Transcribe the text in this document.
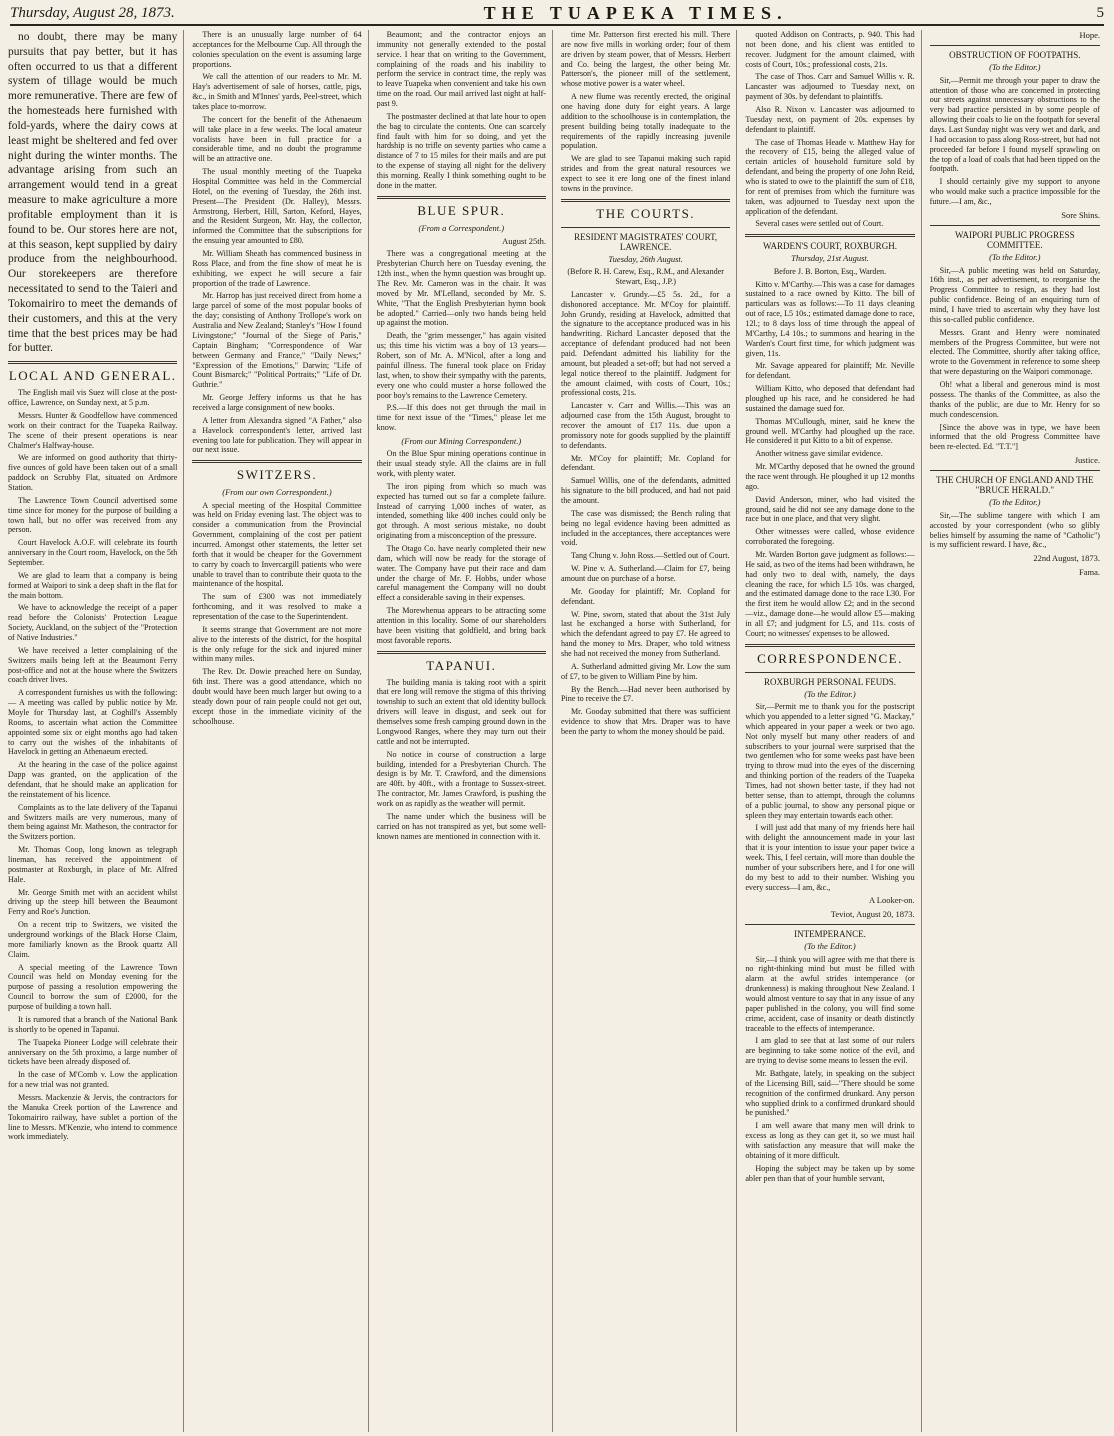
Thursday, August 28, 1873.	THE TUAPEKA TIMES.	5

no doubt, there may be many pursuits that pay better, but it has often occurred to us that a different system of tillage would be much more remunerative. There are few of the homesteads here furnished with fold-yards, where the dairy cows at least might be sheltered and fed over night during the winter months. The advantage arising from such an arrangement would tend in a great measure to make agriculture a more profitable employment than it is found to be. Our stores here are not, at this season, kept supplied by dairy produce from the neighbourhood. Our storekeepers are therefore necessitated to send to the Taieri and Tokomairiro to meet the demands of their customers, and this at the very time that the best prices may be had for butter.

LOCAL AND GENERAL.

The English mail vis Suez will close at the post-office, Lawrence, on Sunday next, at 5 p.m.

Messrs. Hunter & Goodfellow have commenced work on their contract for the Tuapeka Railway. The scene of their present operations is near Chalmer's Halfway-house.

We are informed on good authority that thirty-five ounces of gold have been taken out of a small paddock on Scrubby Flat, situated on Ardmore Station.

The Lawrence Town Council advertised some time since for money for the purpose of building a town hall, but no offer was received from any person.

Court Havelock A.O.F. will celebrate its fourth anniversary in the Court room, Havelock, on the 5th September.

We are glad to learn that a company is being formed at Waipori to sink a deep shaft in the flat for the main bottom.

We have to acknowledge the receipt of a paper read before the Colonists' Protection League Society, Auckland, on the subject of the "Protection of Native Industries."

We have received a letter complaining of the Switzers mails being left at the Beaumont Ferry post-office and not at the house where the Switzers coach driver lives.

A correspondent furnishes us with the following:— A meeting was called by public notice by Mr. Moyle for Thursday last, at Coghill's Assembly Rooms, to ascertain what action the Committee appointed some six or eight months ago had taken to carry out the wishes of the inhabitants of Havelock in getting an Athenaeum erected.

At the hearing in the case of the police against Dapp was granted, on the application of the defendant, that he should make an application for the reinstatement of his licence.

Complaints as to the late delivery of the Tapanui and Switzers mails are very numerous, many of them being against Mr. Matheson, the contractor for the Switzers portion.

Mr. Thomas Coop, long known as telegraph lineman, has received the appointment of postmaster at Roxburgh, in place of Mr. Alfred Hale.

Mr. George Smith met with an accident whilst driving up the steep hill between the Beaumont Ferry and Roe's Junction.

On a recent trip to Switzers, we visited the underground workings of the Black Horse Claim, more familiarly known as the Brook quartz All Claim.

A special meeting of the Lawrence Town Council was held on Monday evening for the purpose of passing a resolution empowering the Council to borrow the sum of £2000, for the purpose of building a town hall.

It is rumored that a branch of the National Bank is shortly to be opened in Tapanui.

The Tuapeka Pioneer Lodge will celebrate their anniversary on the 5th proximo, a large number of tickets have been already disposed of.

In the case of M'Comb v. Low the application for a new trial was not granted.

Messrs. Mackenzie & Jervis, the contractors for the Manuka Creek portion of the Lawrence and Tokomairiro railway, have sublet a portion of the line to Messrs. M'Kenzie, who intend to commence work immediately.

There is an unusually large number of 64 acceptances for the Melbourne Cup. All through the colonies speculation on the event is assuming large proportions.

We call the attention of our readers to Mr. M. Hay's advertisement of sale of horses, cattle, pigs, &c., in Smith and M'Innes' yards, Peel-street, which takes place to-morrow.

The concert for the benefit of the Athenaeum will take place in a few weeks. The local amateur vocalists have been in full practice for a considerable time, and no doubt the programme will be an attractive one.

The usual monthly meeting of the Tuapeka Hospital Committee was held in the Commercial Hotel, on the evening of Tuesday, the 26th inst. Present—The President (Dr. Halley), Messrs. Armstrong, Herbert, Hill, Sarton, Keford, Hayes, and the Resident Surgeon, Mr. Hay, the collector, informed the Committee that the subscriptions for the ensuing year amounted to £80.

Mr. William Sheath has commenced business in Ross Place, and from the fine show of meat he is exhibiting, we expect he will secure a fair proportion of the trade of Lawrence.

Mr. Harrop has just received direct from home a large parcel of some of the most popular books of the day; consisting of Anthony Trollope's work on Australia and New Zealand; Stanley's "How I found Livingstone;" "Journal of the Siege of Paris," Captain Bingham; "Correspondence of War between Germany and France," "Daily News;" "Expression of the Emotions," Darwin; "Life of Count Bismarck;" "Political Portraits;" "Life of Dr. Guthrie."

Mr. George Jeffery informs us that he has received a large consignment of new books.

A letter from Alexandra signed "A Father," also a Havelock correspondent's letter, arrived last evening too late for publication. They will appear in our next issue.

SWITZERS.

(From our own Correspondent.)

A special meeting of the Hospital Committee was held on Friday evening last. The object was to consider a communication from the Provincial Government, complaining of the cost per patient incurred. Amongst other statements, the letter set forth that it would be cheaper for the Government to carry by coach to Invercargill patients who were unable to travel than to contribute their quota to the maintenance of the hospital.

The sum of £300 was not immediately forthcoming, and it was resolved to make a representation of the case to the Superintendent.

It seems strange that Government are not more alive to the interests of the district, for the hospital is the only refuge for the sick and injured miner within many miles.

The Rev. Dr. Dowie preached here on Sunday, 6th inst. There was a good attendance, which no doubt would have been much larger but owing to a steady down pour of rain people could not get out, except those in the immediate vicinity of the schoolhouse.

Beaumont; and the contractor enjoys an immunity not generally extended to the postal service. I hear that on writing to the Government, complaining of the roads and his inability to perform the service in contract time, the reply was to leave Tuapeka when convenient and take his own time on the road. Our mail arrived last night at half-past 9.

The postmaster declined at that late hour to open the bag to circulate the contents. One can scarcely find fault with him for so doing, and yet the hardship is no trifle on seventy parties who came a distance of 7 to 15 miles for their mails and are put to the expense of staying all night for the delivery this morning. Really I think something ought to be done in the matter.

BLUE SPUR.

(From a Correspondent.)

August 25th.

There was a congregational meeting at the Presbyterian Church here on Tuesday evening, the 12th inst., when the hymn question was brought up. The Rev. Mr. Cameron was in the chair. It was moved by Mr. M'Lelland, seconded by Mr. S. White, "That the English Presbyterian hymn book be adopted." Carried—only two hands being held up against the motion.

Death, the "grim messenger," has again visited us; this time his victim was a boy of 13 years—Robert, son of Mr. A. M'Nicol, after a long and painful illness. The funeral took place on Friday last, when, to show their sympathy with the parents, every one who could muster a horse followed the poor boy's remains to the Lawrence Cemetery.

P.S.—If this does not get through the mail in time for next issue of the "Times," please let me know.

(From our Mining Correspondent.)

On the Blue Spur mining operations continue in their usual steady style. All the claims are in full work, with plenty water.

The iron piping from which so much was expected has turned out so far a complete failure. Instead of carrying 1,000 inches of water, as intended, something like 400 inches could only be got through. A most serious mistake, no doubt originating from a misconception of the pressure.

The Otago Co. have nearly completed their new dam, which will now be ready for the storage of water. The Company have put their race and dam under the charge of Mr. F. Hobbs, under whose careful management the Company will no doubt effect a considerable saving in their expenses.

The Morewhenua appears to be attracting some attention in this locality. Some of our shareholders have been visiting that goldfield, and bring back most favorable reports.

TAPANUI.

The building mania is taking root with a spirit that ere long will remove the stigma of this thriving township to such an extent that old identity bullock drivers will leave in disgust, and seek out for themselves some fresh camping ground down in the Longwood Ranges, where they may turn out their cattle and not be interrupted.

No notice in course of construction a large building, intended for a Presbyterian Church. The design is by Mr. T. Crawford, and the dimensions are 40ft. by 40ft., with a frontage to Sussex-street. The contractor, Mr. James Crawford, is pushing the work on as rapidly as the weather will permit.

The name under which the business will be carried on has not transpired as yet, but some well-known names are mentioned in connection with it.

time Mr. Patterson first erected his mill. There are now five mills in working order; four of them are driven by steam power, that of Messrs. Herbert and Co. being the largest, the other being Mr. Patterson's, the pioneer mill of the settlement, whose motive power is a water wheel.

A new flume was recently erected, the original one having done duty for eight years. A large addition to the schoolhouse is in contemplation, the present building being totally inadequate to the requirements of the rapidly increasing juvenile population.

We are glad to see Tapanui making such rapid strides and from the great natural resources we expect to see it ere long one of the finest inland towns in the province.

THE COURTS.
RESIDENT MAGISTRATES' COURT, LAWRENCE.

Tuesday, 26th August.

(Before R. H. Carew, Esq., R.M., and Alexander Stewart, Esq., J.P.)

Lancaster v. Grundy.—£5 5s. 2d., for a dishonored acceptance. Mr. M'Coy for plaintiff. John Grundy, residing at Havelock, admitted that the signature to the acceptance produced was in his handwriting. Richard Lancaster deposed that the acceptance of defendant produced had not been paid. Defendant admitted his liability for the amount, but pleaded a set-off; but had not served a legal notice thereof to the plaintiff. Judgment for the amount claimed, with costs of Court, 10s.; professional costs, 21s.

Lancaster v. Carr and Willis.—This was an adjourned case from the 15th August, brought to recover the amount of £17 11s. due upon a promissory note for goods supplied by the plaintiff to defendants.

Mr. M'Coy for plaintiff; Mr. Copland for defendant.

Samuel Willis, one of the defendants, admitted his signature to the bill produced, and had not paid the amount.

The case was dismissed; the Bench ruling that being no legal evidence having been admitted as included in the acceptances, there acceptances were void.

Tang Chung v. John Ross.—Settled out of Court.

W. Pine v. A. Sutherland.—Claim for £7, being amount due on purchase of a horse.

Mr. Gooday for plaintiff; Mr. Copland for defendant.

W. Pine, sworn, stated that about the 31st July last he exchanged a horse with Sutherland, for which the defendant agreed to pay £7. He agreed to hand the money to Mrs. Draper, who told witness she had not received the money from Sutherland.

A. Sutherland admitted giving Mr. Low the sum of £7, to be given to William Pine by him.

By the Bench.—Had never been authorised by Pine to receive the £7.

Mr. Gooday submitted that there was sufficient evidence to show that Mrs. Draper was to have been the party to whom the money should be paid.

quoted Addison on Contracts, p. 940. This had not been done, and his client was entitled to recover. Judgment for the amount claimed, with costs of Court, 10s.; professional costs, 21s.

The case of Thos. Carr and Samuel Willis v. R. Lancaster was adjourned to Tuesday next, on payment of 30s. by defendant to plaintiffs.

Also R. Nixon v. Lancaster was adjourned to Tuesday next, on payment of 20s. expenses by defendant to plaintiff.

The case of Thomas Heade v. Matthew Hay for the recovery of £15, being the alleged value of certain articles of household furniture sold by defendant, and being the property of one John Reid, who is stated to owe to the plaintiff the sum of £18, for rent of premises from which the furniture was taken, was adjourned to Tuesday next upon the application of the defendant.

Several cases were settled out of Court.

WARDEN'S COURT, ROXBURGH.

Thursday, 21st August.

Before J. B. Borton, Esq., Warden.

Kitto v. M'Carthy.—This was a case for damages sustained to a race owned by Kitto. The bill of particulars was as follows:—To 11 days cleaning out of race, L5 10s.; estimated damage done to race, 12l.; to 8 days loss of time through the appeal of M'Carthy, L4 10s.; to summons and hearing in the Warden's Court first time, for which judgment was given, 11s.

Mr. Savage appeared for plaintiff; Mr. Neville for defendant.

William Kitto, who deposed that defendant had ploughed up his race, and he considered he had sustained the damage sued for.

Thomas M'Cullough, miner, said he knew the ground well. M'Carthy had ploughed up the race. He considered it put Kitto to a bit of expense.

Another witness gave similar evidence.

Mr. M'Carthy deposed that he owned the ground the race went through. He ploughed it up 12 months ago.

David Anderson, miner, who had visited the ground, said he did not see any damage done to the race but in one place, and that very slight.

Other witnesses were called, whose evidence corroborated the foregoing.

Mr. Warden Borton gave judgment as follows:—He said, as two of the items had been withdrawn, he had only two to deal with, namely, the days cleaning the race, for which L5 10s. was charged, and the estimated damage done to the race L30. For the first item he would allow £2; and in the second—viz., damage done—he would allow £5—making in all £7; and judgment for L5, and 11s. costs of Court; no witnesses' expenses to be allowed.

CORRESPONDENCE.
ROXBURGH PERSONAL FEUDS.

(To the Editor.)

Sir,—Permit me to thank you for the postscript which you appended to a letter signed "G. Mackay," which appeared in your paper a week or two ago. Not only myself but many other readers of and subscribers to your journal were surprised that the two gentlemen who for some weeks past have been trying to throw mud into the eyes of the discerning and thinking portion of the readers of the Tuapeka Times, had not shown better taste, if they had not better sense, than to attempt, through the columns of a public journal, to show any personal pique or spleen they may entertain towards each other.

I will just add that many of my friends here hail with delight the announcement made in your last that it is your intention to issue your paper twice a week. This, I feel certain, will more than double the number of your subscribers here, and I for one will do my best to add to their number. Wishing you every success—I am, &c.,

A Looker-on.

Teviot, August 20, 1873.

INTEMPERANCE.

(To the Editor.)

Sir,—I think you will agree with me that there is no right-thinking mind but must be filled with alarm at the awful strides intemperance (or drunkenness) is making throughout New Zealand. I would almost venture to say that in any issue of any paper published in the colony, you will find some crime, accident, case of insanity or death distinctly traceable to the effects of intemperance.

I am glad to see that at last some of our rulers are beginning to take some notice of the evil, and are trying to devise some means to lessen the evil.

Mr. Bathgate, lately, in speaking on the subject of the Licensing Bill, said—"There should be some recognition of the confirmed drunkard. Any person who supplied drink to a confirmed drunkard should be punished."

I am well aware that many men will drink to excess as long as they can get it, so we must hail with satisfaction any measure that will make the obtaining of it more difficult.

Hoping the subject may be taken up by some abler pen than that of your humble servant,

Hope.

OBSTRUCTION OF FOOTPATHS.

(To the Editor.)

Sir,—Permit me through your paper to draw the attention of those who are concerned in protecting our streets against unnecessary obstructions to the very bad practice persisted in by some people of allowing their coals to lie on the footpath for several days. Last Sunday night was very wet and dark, and I had occasion to pass along Ross-street, but had not proceeded far before I found myself sprawling on the top of a load of coals that had been tipped on the footpath.

I should certainly give my support to anyone who would make such a practice impossible for the future.—I am, &c.,

Sore Shins.

WAIPORI PUBLIC PROGRESS COMMITTEE.

(To the Editor.)

Sir,—A public meeting was held on Saturday, 16th inst., as per advertisement, to reorganise the Progress Committee to resign, as they had lost public confidence. Being of an enquiring turn of mind, I have tried to ascertain why they have lost this so-called public confidence.

Messrs. Grant and Henry were nominated members of the Progress Committee, but were not elected. The Committee, shortly after taking office, wrote to the Government in reference to some sheep that were depasturing on the Waipori commonage.

Oh! what a liberal and generous mind is most possess. The thanks of the Committee, as also the thanks of the public, are due to Mr. Henry for so much condescension.

[Since the above was in type, we have been informed that the old Progress Committee have been re-elected. Ed. "T.T."]

Justice.

THE CHURCH OF ENGLAND AND THE "BRUCE HERALD."

(To the Editor.)

Sir,—The sublime tangere with which I am accosted by your correspondent (who so glibly belies himself by assuming the name of "Catholic") is my sufficient reward. I have, &c.,

22nd August, 1873.

Fama.
